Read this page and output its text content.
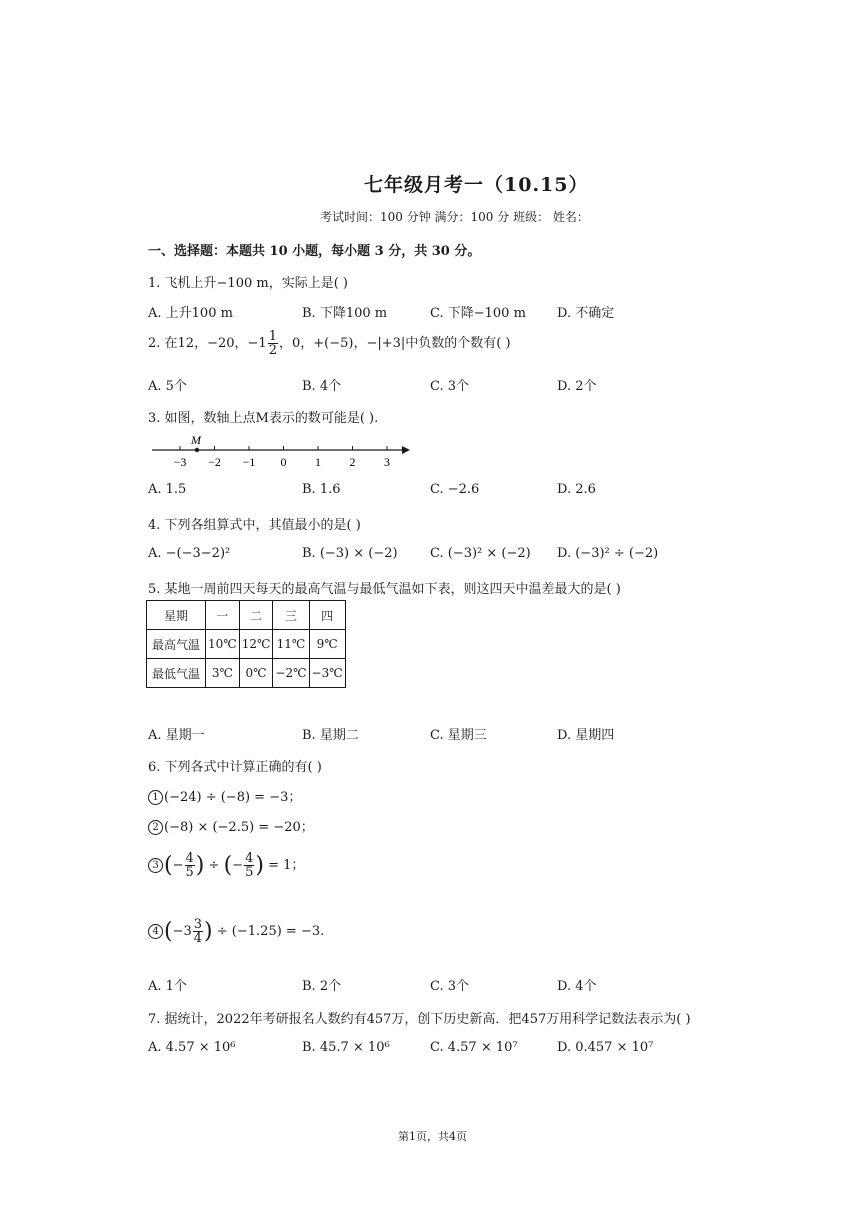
七年级月考一（10.15）
考试时间：100 分钟 满分：100 分 班级： 姓名：
一、选择题：本题共 10 小题，每小题 3 分，共 30 分。
1. 飞机上升−100 m，实际上是( )
A. 上升100 m	B. 下降100 m	C. 下降−100 m D. 不确定
2. 在12，−20，$-1 \frac{1}{2}$ ，0，+(−5)，−|+3|中负数的个数有( )
A. 5个	B. 4个	C. 3个	D. 2个
3. 如图，数轴上点M表示的数可能是( ).
−3 −2 −1 0 1 2 3
M
A. 1.5	B. 1.6	C. −2.6	D. 2.6
4. 下列各组算式中，其值最小的是( )
A. −(−3−2)²	B. (−3) × (−2) C. (−3)² × (−2) D. (−3)² ÷ (−2)
5. 某地一周前四天每天的最高气温与最低气温如下表，则这四天中温差最大的是( )
星期	一	二	三	四
最高气温	10℃	12℃	11℃	9℃
最低气温	3℃	0℃	−2℃	−3℃
A. 星期一	B. 星期二	C. 星期三	D. 星期四
6. 下列各式中计算正确的有( )
1 (−24) ÷ (−8) = −3；
2 (−8) × (−2.5) = −20；
3 (− $\frac{4}{5}$ ) ÷ (− $\frac{4}{5}$ ) = 1；
4 ($-3 \frac{3}{4}$ ) ÷ (−1.25) = −3.
A. 1个	B. 2个	C. 3个	D. 4个
7. 据统计，2022年考研报名人数约有457万，创下历史新高．把457万用科学记数法表示为( )
A. 4.57 × 10⁶	B. 45.7 × 10⁶	C. 4.57 × 10⁷	D. 0.457 × 10⁷
第1页，共4页
